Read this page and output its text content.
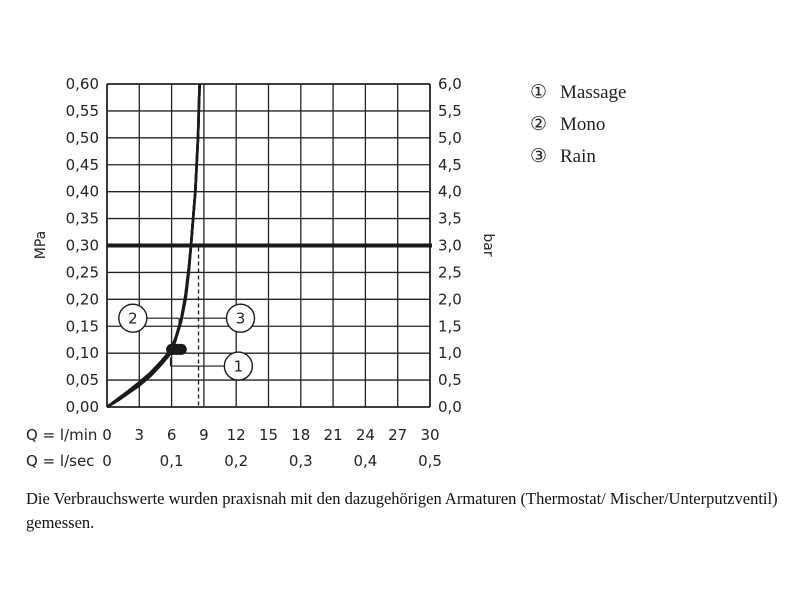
1
2	3
0,00
0,05
0,10
0,15
0,20
0,25
0,30
0,35
0,40
0,45
0,50
0,55
0,60
0,0
0,5
1,0
1,5
2,0
2,5
3,0
3,5
4,0
4,5
5,0
5,5
6,0
Q = l/min 0 3 6 9 12 15 18 21 24 27 30
Q = l/sec 0	0,1	0,2	0,3	0,4	0,5
MPa	bar
① Massage
② Mono
③ Rain
Die Verbrauchswerte wurden praxisnah mit den dazugehörigen Armaturen (Thermostat/ Mischer/Unterputzventil) gemessen.
